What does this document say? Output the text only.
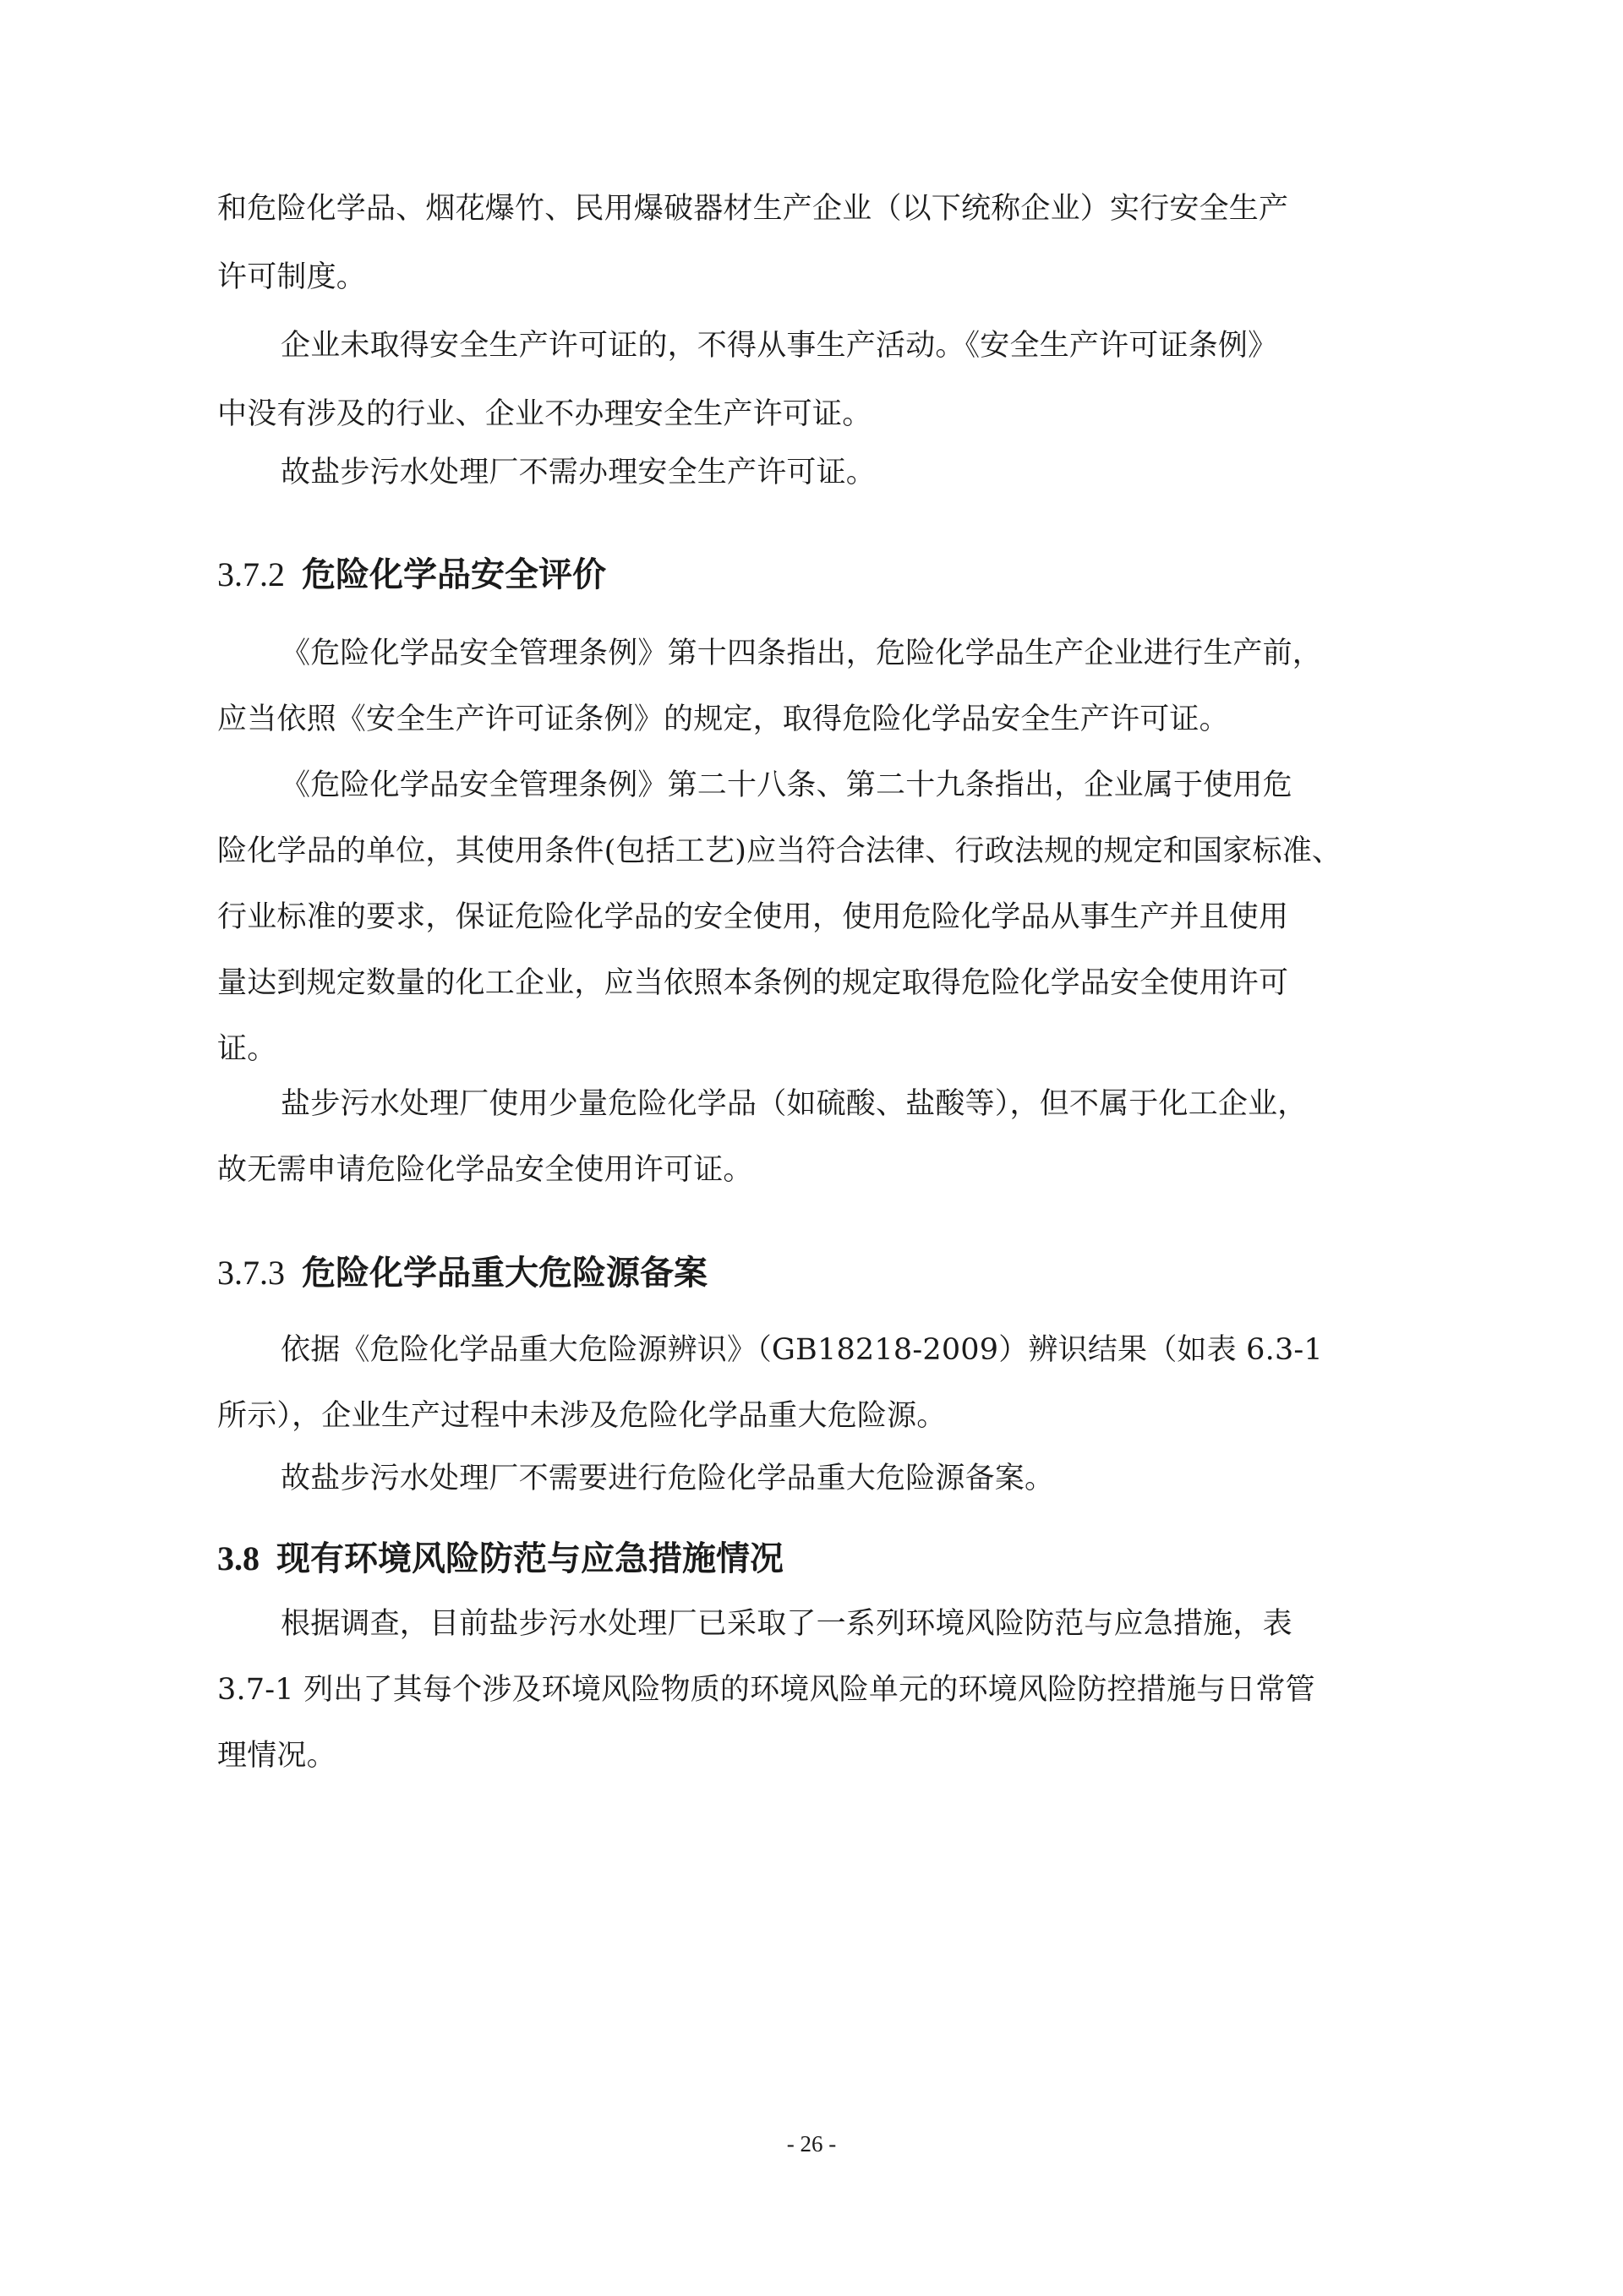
和危险化学品、烟花爆竹、民用爆破器材生产企业（以下统称企业）实行安全生产
许可制度。
企业未取得安全生产许可证的，不得从事生产活动。《安全生产许可证条例》
中没有涉及的行业、企业不办理安全生产许可证。
故盐步污水处理厂不需办理安全生产许可证。
3.7.2 危险化学品安全评价
《危险化学品安全管理条例》第十四条指出，危险化学品生产企业进行生产前，
应当依照《安全生产许可证条例》的规定，取得危险化学品安全生产许可证。
《危险化学品安全管理条例》第二十八条、第二十九条指出，企业属于使用危
险化学品的单位，其使用条件(包括工艺)应当符合法律、行政法规的规定和国家标准、
行业标准的要求，保证危险化学品的安全使用，使用危险化学品从事生产并且使用
量达到规定数量的化工企业，应当依照本条例的规定取得危险化学品安全使用许可
证。
盐步污水处理厂使用少量危险化学品（如硫酸、盐酸等），但不属于化工企业，
故无需申请危险化学品安全使用许可证。
3.7.3 危险化学品重大危险源备案
依据《危险化学品重大危险源辨识》（GB18218-2009）辨识结果（如表 6.3-1
所示），企业生产过程中未涉及危险化学品重大危险源。
故盐步污水处理厂不需要进行危险化学品重大危险源备案。
3.8 现有环境风险防范与应急措施情况
根据调查，目前盐步污水处理厂已采取了一系列环境风险防范与应急措施，表
3.7-1 列出了其每个涉及环境风险物质的环境风险单元的环境风险防控措施与日常管
理情况。
- 26 -
